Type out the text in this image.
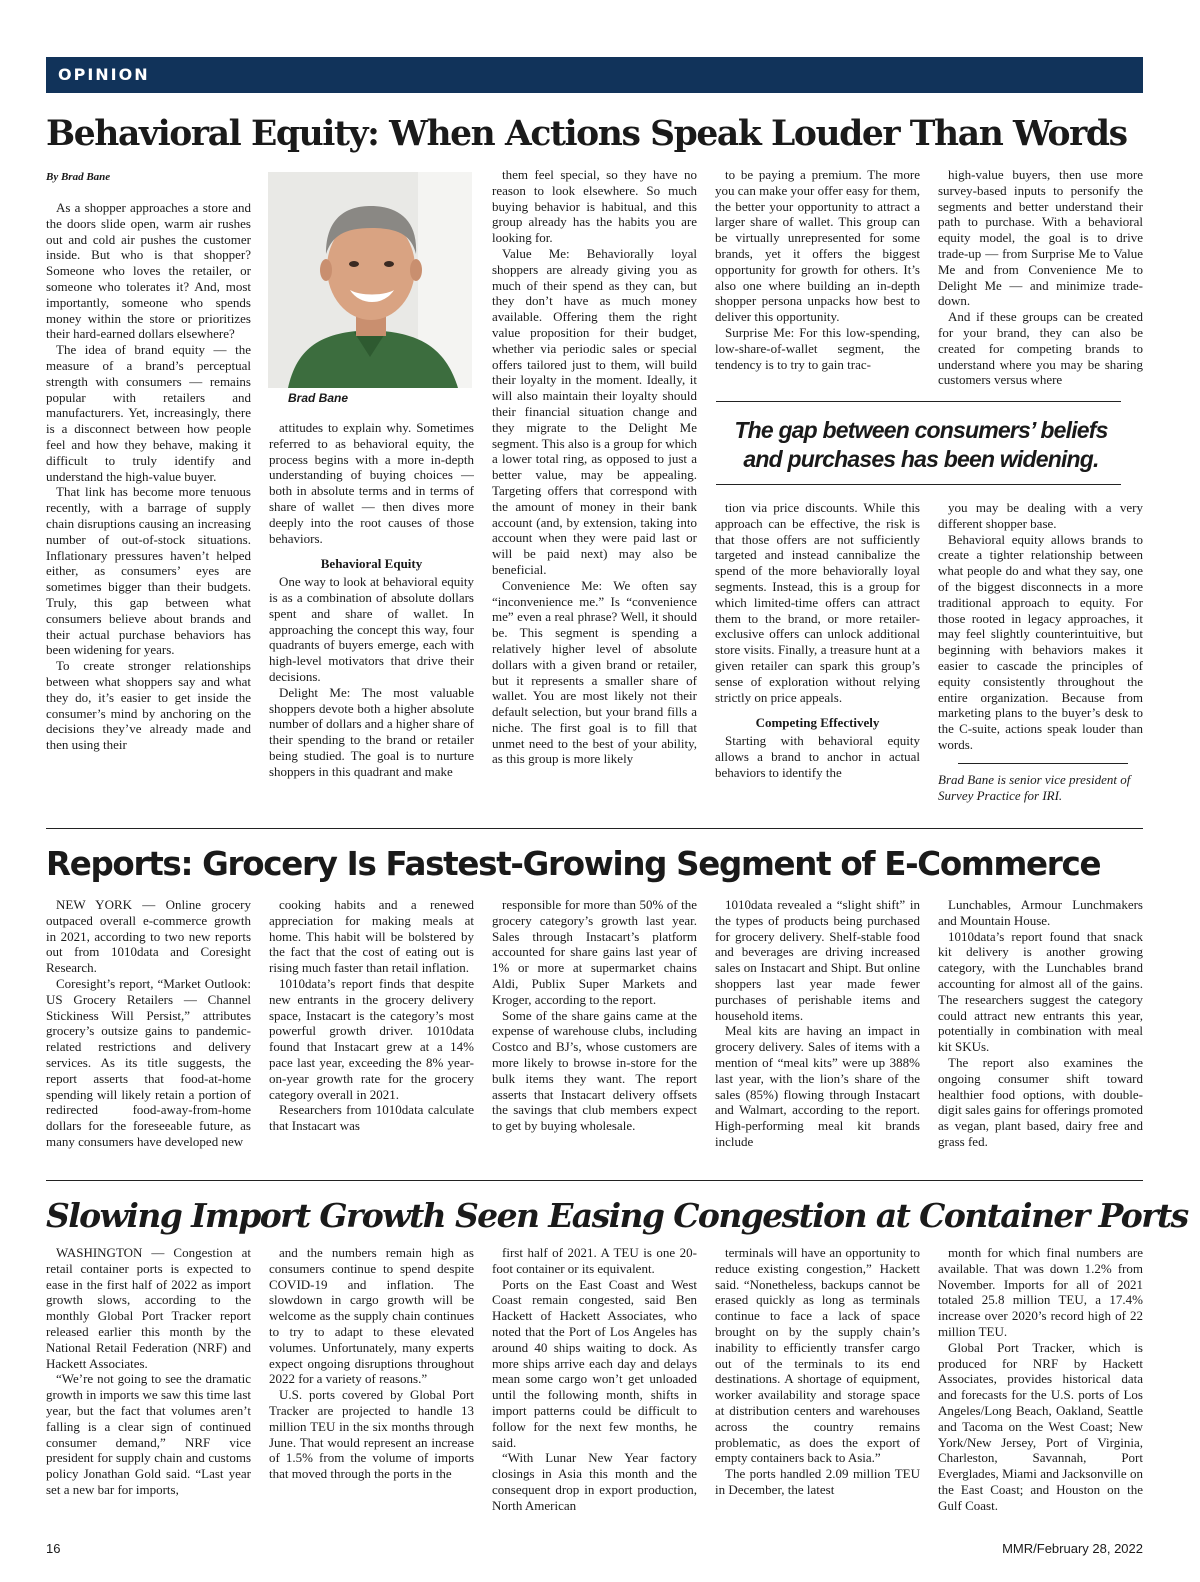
OPINION
Behavioral Equity: When Actions Speak Louder Than Words
By Brad Bane

As a shopper approaches a store and the doors slide open, warm air rushes out and cold air pushes the customer inside. But who is that shopper? Someone who loves the retailer, or someone who tolerates it? And, most importantly, someone who spends money within the store or prioritizes their hard-earned dollars elsewhere?

The idea of brand equity — the measure of a brand’s perceptual strength with consumers — remains popular with retailers and manufacturers. Yet, increasingly, there is a disconnect between how people feel and how they behave, making it difficult to truly identify and understand the high-value buyer.

That link has become more tenuous recently, with a barrage of supply chain disruptions causing an increasing number of out-of-stock situations. Inflationary pressures haven’t helped either, as consumers’ eyes are sometimes bigger than their budgets. Truly, this gap between what consumers believe about brands and their actual purchase behaviors has been widening for years.

To create stronger relationships between what shoppers say and what they do, it’s easier to get inside the consumer’s mind by anchoring on the decisions they’ve already made and then using their

Brad Bane

attitudes to explain why. Sometimes referred to as behavioral equity, the process begins with a more in-depth understanding of buying choices — both in absolute terms and in terms of share of wallet — then dives more deeply into the root causes of those behaviors.

Behavioral Equity

One way to look at behavioral equity is as a combination of absolute dollars spent and share of wallet. In approaching the concept this way, four quadrants of buyers emerge, each with high-level motivators that drive their decisions.

Delight Me: The most valuable shoppers devote both a higher absolute number of dollars and a higher share of their spending to the brand or retailer being studied. The goal is to nurture shoppers in this quadrant and make

them feel special, so they have no reason to look elsewhere. So much buying behavior is habitual, and this group already has the habits you are looking for.

Value Me: Behaviorally loyal shoppers are already giving you as much of their spend as they can, but they don’t have as much money available. Offering them the right value proposition for their budget, whether via periodic sales or special offers tailored just to them, will build their loyalty in the moment. Ideally, it will also maintain their loyalty should their financial situation change and they migrate to the Delight Me segment. This also is a group for which a lower total ring, as opposed to just a better value, may be appealing. Targeting offers that correspond with the amount of money in their bank account (and, by extension, taking into account when they were paid last or will be paid next) may also be beneficial.

Convenience Me: We often say “inconvenience me.” Is “convenience me” even a real phrase? Well, it should be. This segment is spending a relatively higher level of absolute dollars with a given brand or retailer, but it represents a smaller share of wallet. You are most likely not their default selection, but your brand fills a niche. The first goal is to fill that unmet need to the best of your ability, as this group is more likely

to be paying a premium. The more you can make your offer easy for them, the better your opportunity to attract a larger share of wallet. This group can be virtually unrepresented for some brands, yet it offers the biggest opportunity for growth for others. It’s also one where building an in-depth shopper persona unpacks how best to deliver this opportunity.

Surprise Me: For this low-spending, low-share-of-wallet segment, the tendency is to try to gain trac-

high-value buyers, then use more survey-based inputs to personify the segments and better understand their path to purchase. With a behavioral equity model, the goal is to drive trade-up — from Surprise Me to Value Me and from Convenience Me to Delight Me — and minimize trade-down.

And if these groups can be created for your brand, they can also be created for competing brands to understand where you may be sharing customers versus where

The gap between consumers’ beliefs
and purchases has been widening.

tion via price discounts. While this approach can be effective, the risk is that those offers are not sufficiently targeted and instead cannibalize the spend of the more behaviorally loyal segments. Instead, this is a group for which limited-time offers can attract them to the brand, or more retailer-exclusive offers can unlock additional store visits. Finally, a treasure hunt at a given retailer can spark this group’s sense of exploration without relying strictly on price appeals.

Competing Effectively

Starting with behavioral equity allows a brand to anchor in actual behaviors to identify the

you may be dealing with a very different shopper base.

Behavioral equity allows brands to create a tighter relationship between what people do and what they say, one of the biggest disconnects in a more traditional approach to equity. For those rooted in legacy approaches, it may feel slightly counterintuitive, but beginning with behaviors makes it easier to cascade the principles of equity consistently throughout the entire organization. Because from marketing plans to the buyer’s desk to the C-suite, actions speak louder than words.

Brad Bane is senior vice president of Survey Practice for IRI.

Reports: Grocery Is Fastest-Growing Segment of E-Commerce

NEW YORK — Online grocery outpaced overall e-commerce growth in 2021, according to two new reports out from 1010data and Coresight Research.

Coresight’s report, “Market Outlook: US Grocery Retailers — Channel Stickiness Will Persist,” attributes grocery’s outsize gains to pandemic-related restrictions and delivery services. As its title suggests, the report asserts that food-at-home spending will likely retain a portion of redirected food-away-from-home dollars for the foreseeable future, as many consumers have developed new

cooking habits and a renewed appreciation for making meals at home. This habit will be bolstered by the fact that the cost of eating out is rising much faster than retail inflation.

1010data’s report finds that despite new entrants in the grocery delivery space, Instacart is the category’s most powerful growth driver. 1010data found that Instacart grew at a 14% pace last year, exceeding the 8% year-on-year growth rate for the grocery category overall in 2021.

Researchers from 1010data calculate that Instacart was

responsible for more than 50% of the grocery category’s growth last year. Sales through Instacart’s platform accounted for share gains last year of 1% or more at supermarket chains Aldi, Publix Super Markets and Kroger, according to the report.

Some of the share gains came at the expense of warehouse clubs, including Costco and BJ’s, whose customers are more likely to browse in-store for the bulk items they want. The report asserts that Instacart delivery offsets the savings that club members expect to get by buying wholesale.

1010data revealed a “slight shift” in the types of products being purchased for grocery delivery. Shelf-stable food and beverages are driving increased sales on Instacart and Shipt. But online shoppers last year made fewer purchases of perishable items and household items.

Meal kits are having an impact in grocery delivery. Sales of items with a mention of “meal kits” were up 388% last year, with the lion’s share of the sales (85%) flowing through Instacart and Walmart, according to the report. High-performing meal kit brands include

Lunchables, Armour Lunchmakers and Mountain House.

1010data’s report found that snack kit delivery is another growing category, with the Lunchables brand accounting for almost all of the gains. The researchers suggest the category could attract new entrants this year, potentially in combination with meal kit SKUs.

The report also examines the ongoing consumer shift toward healthier food options, with double-digit sales gains for offerings promoted as vegan, plant based, dairy free and grass fed.

Slowing Import Growth Seen Easing Congestion at Container Ports

WASHINGTON — Congestion at retail container ports is expected to ease in the first half of 2022 as import growth slows, according to the monthly Global Port Tracker report released earlier this month by the National Retail Federation (NRF) and Hackett Associates.

“We’re not going to see the dramatic growth in imports we saw this time last year, but the fact that volumes aren’t falling is a clear sign of continued consumer demand,” NRF vice president for supply chain and customs policy Jonathan Gold said. “Last year set a new bar for imports,

and the numbers remain high as consumers continue to spend despite COVID-19 and inflation. The slowdown in cargo growth will be welcome as the supply chain continues to try to adapt to these elevated volumes. Unfortunately, many experts expect ongoing disruptions throughout 2022 for a variety of reasons.”

U.S. ports covered by Global Port Tracker are projected to handle 13 million TEU in the six months through June. That would represent an increase of 1.5% from the volume of imports that moved through the ports in the

first half of 2021. A TEU is one 20-foot container or its equivalent.

Ports on the East Coast and West Coast remain congested, said Ben Hackett of Hackett Associates, who noted that the Port of Los Angeles has around 40 ships waiting to dock. As more ships arrive each day and delays mean some cargo won’t get unloaded until the following month, shifts in import patterns could be difficult to follow for the next few months, he said.

“With Lunar New Year factory closings in Asia this month and the consequent drop in export production, North American

terminals will have an opportunity to reduce existing congestion,” Hackett said. “Nonetheless, backups cannot be erased quickly as long as terminals continue to face a lack of space brought on by the supply chain’s inability to efficiently transfer cargo out of the terminals to its end destinations. A shortage of equipment, worker availability and storage space at distribution centers and warehouses across the country remains problematic, as does the export of empty containers back to Asia.”

The ports handled 2.09 million TEU in December, the latest

month for which final numbers are available. That was down 1.2% from November. Imports for all of 2021 totaled 25.8 million TEU, a 17.4% increase over 2020’s record high of 22 million TEU.

Global Port Tracker, which is produced for NRF by Hackett Associates, provides historical data and forecasts for the U.S. ports of Los Angeles/Long Beach, Oakland, Seattle and Tacoma on the West Coast; New York/New Jersey, Port of Virginia, Charleston, Savannah, Port Everglades, Miami and Jacksonville on the East Coast; and Houston on the Gulf Coast.

16	MMR/February 28, 2022
